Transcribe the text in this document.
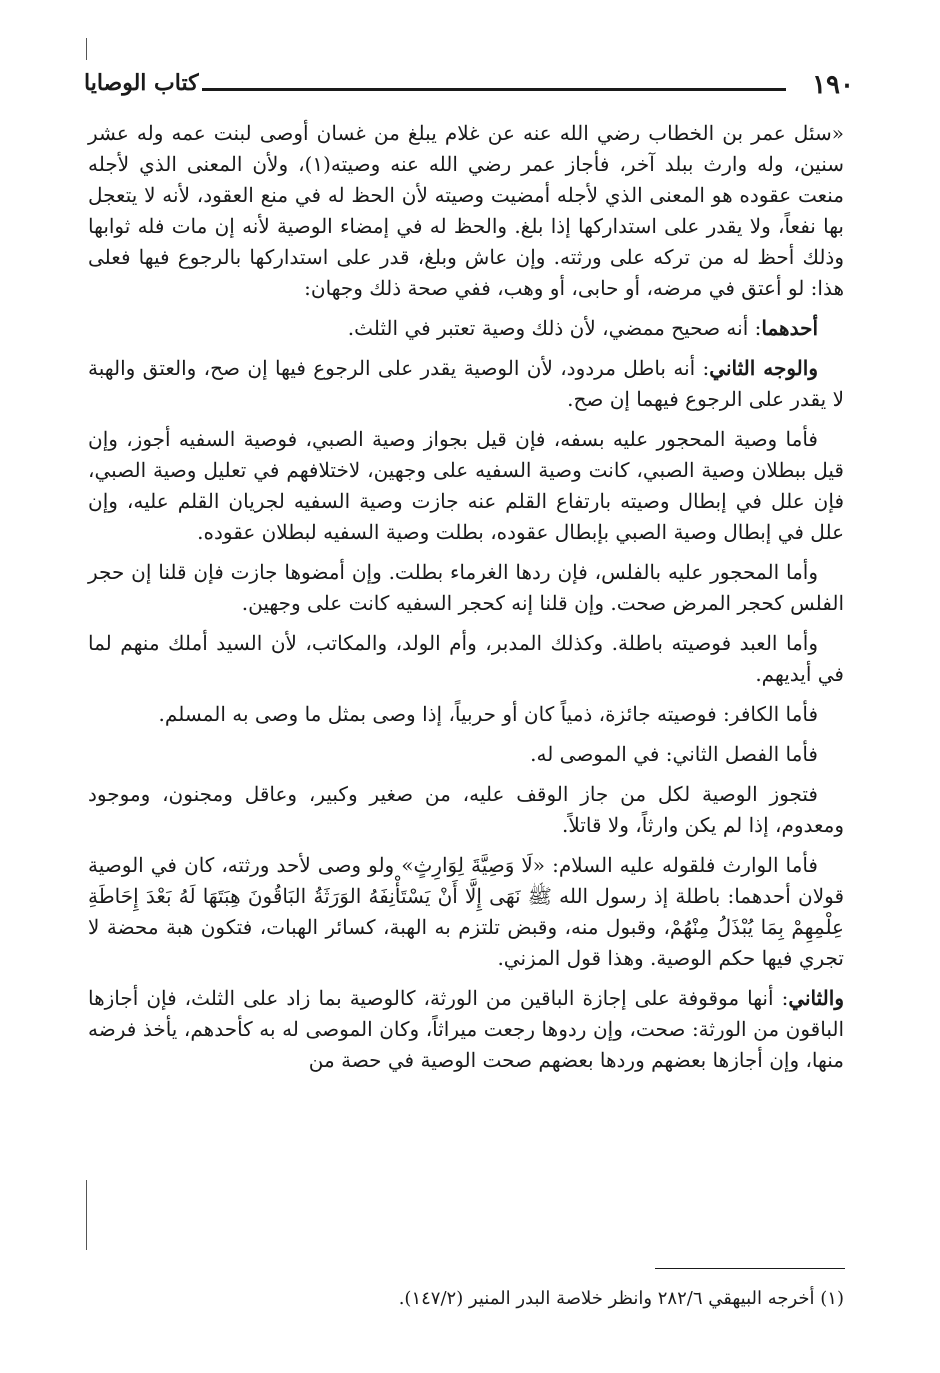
١٩٠
كتاب الوصايا

«سئل عمر بن الخطاب رضي الله عنه عن غلام يبلغ من غسان أوصى لبنت عمه وله عشر سنين، وله وارث ببلد آخر، فأجاز عمر رضي الله عنه وصيته(١)، ولأن المعنى الذي لأجله منعت عقوده هو المعنى الذي لأجله أمضيت وصيته لأن الحظ له في منع العقود، لأنه لا يتعجل بها نفعاً، ولا يقدر على استداركها إذا بلغ. والحظ له في إمضاء الوصية لأنه إن مات فله ثوابها وذلك أحظ له من تركه على ورثته. وإن عاش وبلغ، قدر على استداركها بالرجوع فيها فعلى هذا: لو أعتق في مرضه، أو حابى، أو وهب، ففي صحة ذلك وجهان:

أحدهما: أنه صحيح ممضي، لأن ذلك وصية تعتبر في الثلث.

والوجه الثاني: أنه باطل مردود، لأن الوصية يقدر على الرجوع فيها إن صح، والعتق والهبة لا يقدر على الرجوع فيهما إن صح.

فأما وصية المحجور عليه بسفه، فإن قيل بجواز وصية الصبي، فوصية السفيه أجوز، وإن قيل ببطلان وصية الصبي، كانت وصية السفيه على وجهين، لاختلافهم في تعليل وصية الصبي، فإن علل في إبطال وصيته بارتفاع القلم عنه جازت وصية السفيه لجريان القلم عليه، وإن علل في إبطال وصية الصبي بإبطال عقوده، بطلت وصية السفيه لبطلان عقوده.

وأما المحجور عليه بالفلس، فإن ردها الغرماء بطلت. وإن أمضوها جازت فإن قلنا إن حجر الفلس كحجر المرض صحت. وإن قلنا إنه كحجر السفيه كانت على وجهين.

وأما العبد فوصيته باطلة. وكذلك المدبر، وأم الولد، والمكاتب، لأن السيد أملك منهم لما في أيديهم.

فأما الكافر: فوصيته جائزة، ذمياً كان أو حربياً، إذا وصى بمثل ما وصى به المسلم.

فأما الفصل الثاني: في الموصى له.

فتجوز الوصية لكل من جاز الوقف عليه، من صغير وكبير، وعاقل ومجنون، وموجود ومعدوم، إذا لم يكن وارثاً، ولا قاتلاً.

فأما الوارث فلقوله عليه السلام: «لَا وَصِيَّةَ لِوَارِثٍ» ولو وصى لأحد ورثته، كان في الوصية قولان أحدهما: باطلة إذ رسول الله ﷺ نَهَى إِلَّا أَنْ يَسْتَأْنِفَهُ الوَرَثَةُ البَاقُونَ هِبَتَهَا لَهُ بَعْدَ إِحَاطَةِ عِلْمِهِمْ بِمَا يُبْذَلُ مِنْهُمْ، وقبول منه، وقبض تلتزم به الهبة، كسائر الهبات، فتكون هبة محضة لا تجري فيها حكم الوصية. وهذا قول المزني.

والثاني: أنها موقوفة على إجازة الباقين من الورثة، كالوصية بما زاد على الثلث، فإن أجازها الباقون من الورثة: صحت، وإن ردوها رجعت ميراثاً، وكان الموصى له به كأحدهم، يأخذ فرضه منها، وإن أجازها بعضهم وردها بعضهم صحت الوصية في حصة من

(١) أخرجه البيهقي ٢٨٢/٦ وانظر خلاصة البدر المنير (١٤٧/٢).
